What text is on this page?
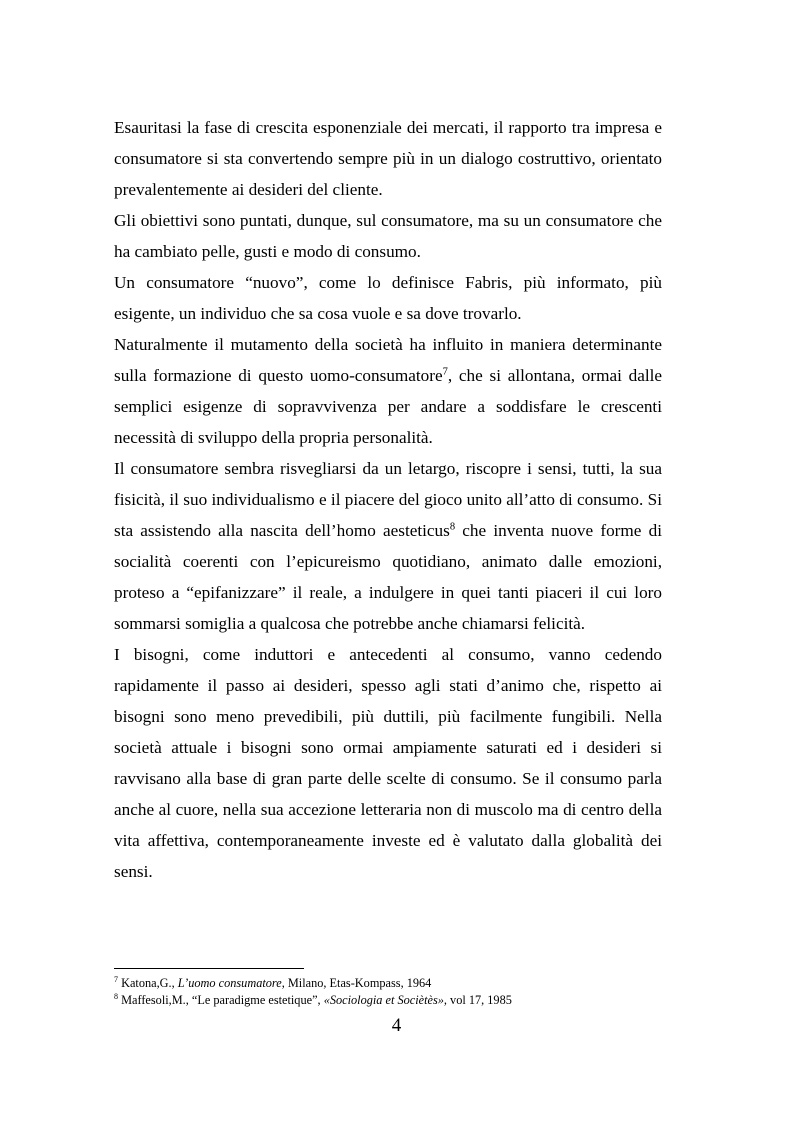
Esauritasi la fase di crescita esponenziale dei mercati, il rapporto tra impresa e consumatore si sta convertendo sempre più in un dialogo costruttivo, orientato prevalentemente ai desideri del cliente.

Gli obiettivi sono puntati, dunque, sul consumatore, ma su un consumatore che ha cambiato pelle, gusti e modo di consumo.

Un consumatore “nuovo”, come lo definisce Fabris, più informato, più esigente, un individuo che sa cosa vuole e sa dove trovarlo.

Naturalmente il mutamento della società ha influito in maniera determinante sulla formazione di questo uomo-consumatore$^7$, che si allontana, ormai dalle semplici esigenze di sopravvivenza per andare a soddisfare le crescenti necessità di sviluppo della propria personalità.

Il consumatore sembra risvegliarsi da un letargo, riscopre i sensi, tutti, la sua fisicità, il suo individualismo e il piacere del gioco unito all’atto di consumo. Si sta assistendo alla nascita dell’homo aesteticus$^8$ che inventa nuove forme di socialità coerenti con l’epicureismo quotidiano, animato dalle emozioni, proteso a “epifanizzare” il reale, a indulgere in quei tanti piaceri il cui loro sommarsi somiglia a qualcosa che potrebbe anche chiamarsi felicità.

I bisogni, come induttori e antecedenti al consumo, vanno cedendo rapidamente il passo ai desideri, spesso agli stati d’animo che, rispetto ai bisogni sono meno prevedibili, più duttili, più facilmente fungibili. Nella società attuale i bisogni sono ormai ampiamente saturati ed i desideri si ravvisano alla base di gran parte delle scelte di consumo. Se il consumo parla anche al cuore, nella sua accezione letteraria non di muscolo ma di centro della vita affettiva, contemporaneamente investe ed è valutato dalla globalità dei sensi.

$^7$ Katona,G., L’uomo consumatore, Milano, Etas-Kompass, 1964

$^8$ Maffesoli,M., “Le paradigme estetique”, «Sociologia et Sociètès», vol 17, 1985

4
